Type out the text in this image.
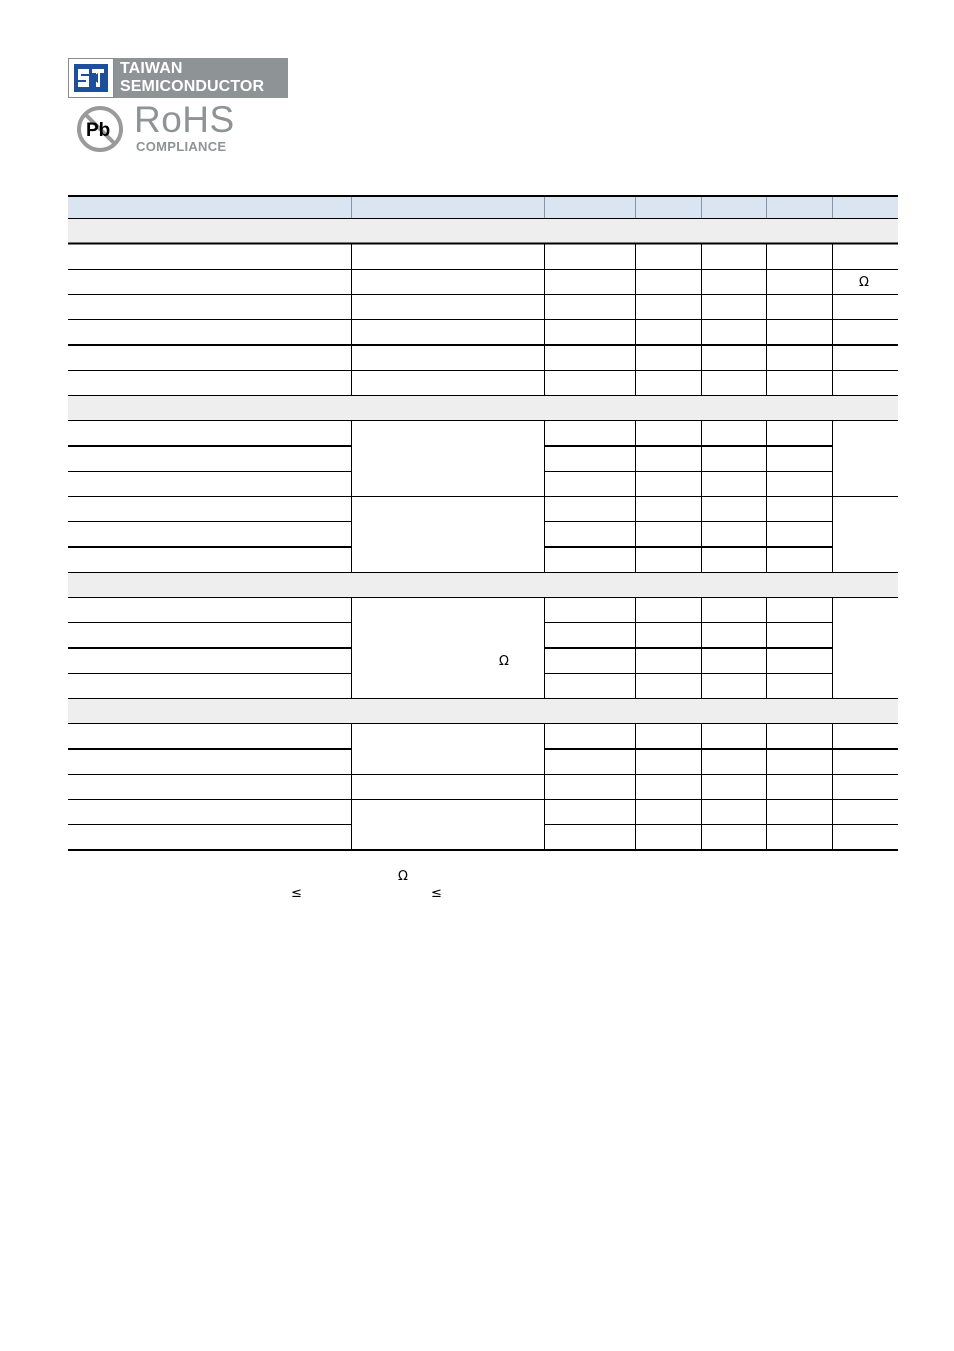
TAIWAN
SEMICONDUCTOR
Pb RoHS
COMPLIANCE
Ω
Ω
Ω
≤	≤
